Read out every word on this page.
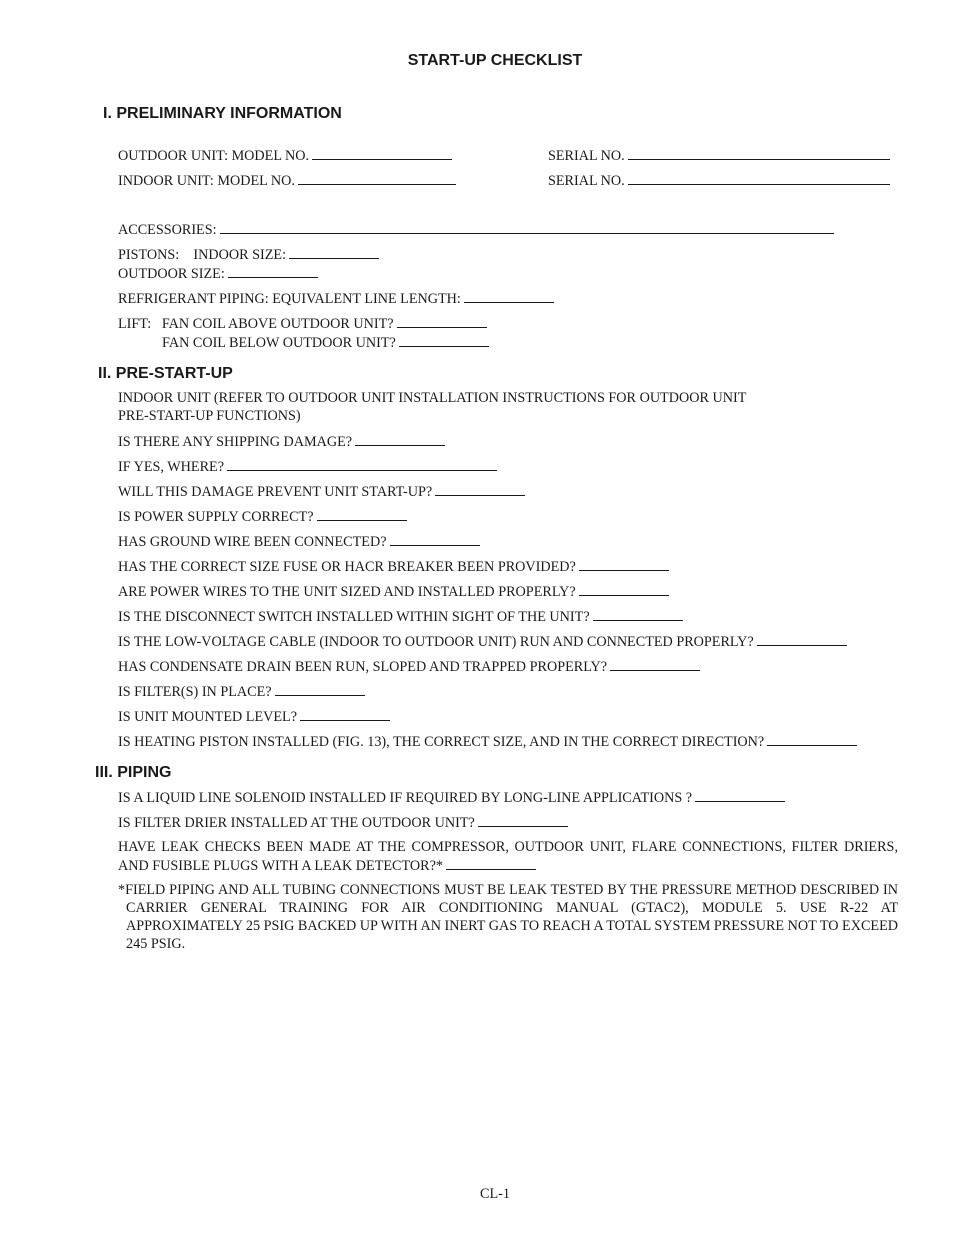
START-UP CHECKLIST
I. PRELIMINARY INFORMATION
OUTDOOR UNIT: MODEL NO.	SERIAL NO.
INDOOR UNIT: MODEL NO.	SERIAL NO.
ACCESSORIES:
PISTONS:    INDOOR SIZE:
OUTDOOR SIZE:
REFRIGERANT PIPING: EQUIVALENT LINE LENGTH:
LIFT:   FAN COIL ABOVE OUTDOOR UNIT?
FAN COIL BELOW OUTDOOR UNIT?
II. PRE-START-UP
INDOOR UNIT (REFER TO OUTDOOR UNIT INSTALLATION INSTRUCTIONS FOR OUTDOOR UNIT
PRE-START-UP FUNCTIONS)
IS THERE ANY SHIPPING DAMAGE?
IF YES, WHERE?
WILL THIS DAMAGE PREVENT UNIT START-UP?
IS POWER SUPPLY CORRECT?
HAS GROUND WIRE BEEN CONNECTED?
HAS THE CORRECT SIZE FUSE OR HACR BREAKER BEEN PROVIDED?
ARE POWER WIRES TO THE UNIT SIZED AND INSTALLED PROPERLY?
IS THE DISCONNECT SWITCH INSTALLED WITHIN SIGHT OF THE UNIT?
IS THE LOW-VOLTAGE CABLE (INDOOR TO OUTDOOR UNIT) RUN AND CONNECTED PROPERLY?
HAS CONDENSATE DRAIN BEEN RUN, SLOPED AND TRAPPED PROPERLY?
IS FILTER(S) IN PLACE?
IS UNIT MOUNTED LEVEL?
IS HEATING PISTON INSTALLED (FIG. 13), THE CORRECT SIZE, AND IN THE CORRECT DIRECTION?
III. PIPING
IS A LIQUID LINE SOLENOID INSTALLED IF REQUIRED BY LONG-LINE APPLICATIONS ?
IS FILTER DRIER INSTALLED AT THE OUTDOOR UNIT?
HAVE LEAK CHECKS BEEN MADE AT THE COMPRESSOR, OUTDOOR UNIT, FLARE CONNECTIONS, FILTER DRIERS, AND FUSIBLE PLUGS WITH A LEAK DETECTOR?*
*FIELD PIPING AND ALL TUBING CONNECTIONS MUST BE LEAK TESTED BY THE PRESSURE METHOD DESCRIBED IN CARRIER GENERAL TRAINING FOR AIR CONDITIONING MANUAL (GTAC2), MODULE 5. USE R-22 AT APPROXIMATELY 25 PSIG BACKED UP WITH AN INERT GAS TO REACH A TOTAL SYSTEM PRESSURE NOT TO EXCEED 245 PSIG.
CL-1
